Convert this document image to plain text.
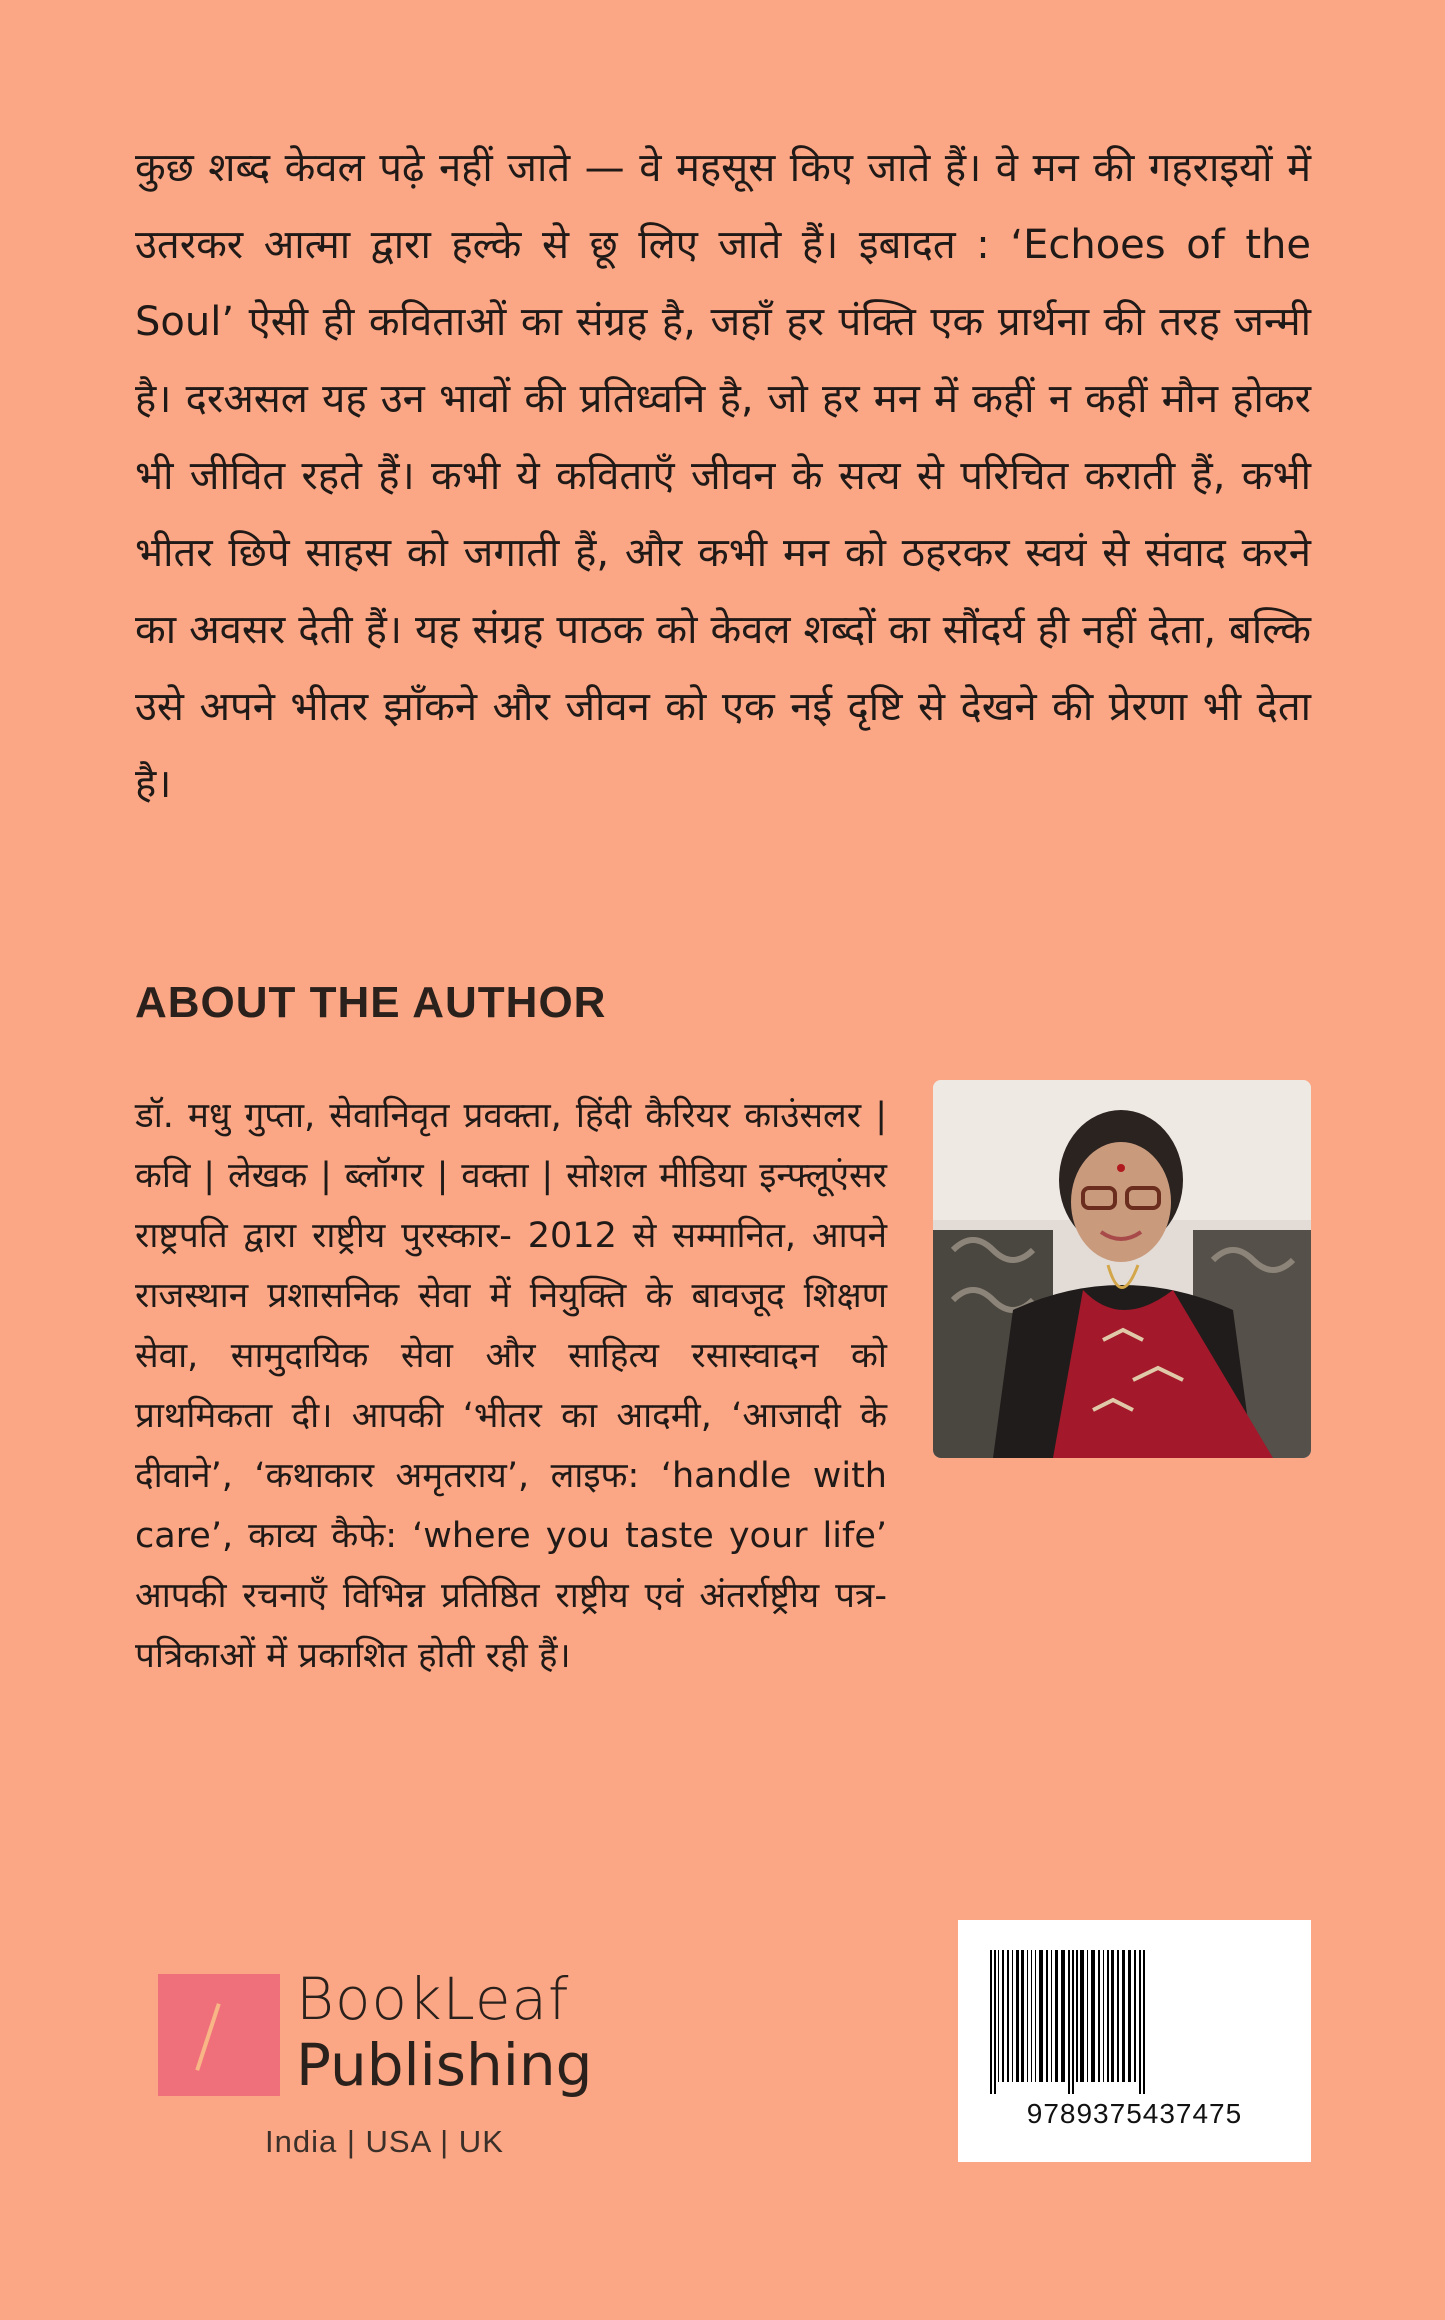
कुछ शब्द केवल पढ़े नहीं जाते — वे महसूस किए जाते हैं। वे मन की गहराइयों में उतरकर आत्मा द्वारा हल्के से छू लिए जाते हैं। इबादत : ‘Echoes of the Soul’ ऐसी ही कविताओं का संग्रह है, जहाँ हर पंक्ति एक प्रार्थना की तरह जन्मी है। दरअसल यह उन भावों की प्रतिध्वनि है, जो हर मन में कहीं न कहीं मौन होकर भी जीवित रहते हैं। कभी ये कविताएँ जीवन के सत्य से परिचित कराती हैं, कभी भीतर छिपे साहस को जगाती हैं, और कभी मन को ठहरकर स्वयं से संवाद करने का अवसर देती हैं। यह संग्रह पाठक को केवल शब्दों का सौंदर्य ही नहीं देता, बल्कि उसे अपने भीतर झाँकने और जीवन को एक नई दृष्टि से देखने की प्रेरणा भी देता है।

ABOUT THE AUTHOR

डॉ. मधु गुप्ता, सेवानिवृत प्रवक्ता, हिंदी कैरियर काउंसलर | कवि | लेखक | ब्लॉगर | वक्ता | सोशल मीडिया इन्फ्लूएंसर राष्ट्रपति द्वारा राष्ट्रीय पुरस्कार- 2012 से सम्मानित, आपने राजस्थान प्रशासनिक सेवा में नियुक्ति के बावजूद शिक्षण सेवा, सामुदायिक सेवा और साहित्य रसास्वादन को प्राथमिकता दी। आपकी ‘भीतर का आदमी, ‘आजादी के दीवाने’, ‘कथाकार अमृतराय’, लाइफ: ‘handle with care’, काव्य कैफे: ‘where you taste your life’ आपकी रचनाएँ विभिन्न प्रतिष्ठित राष्ट्रीय एवं अंतर्राष्ट्रीय पत्र- पत्रिकाओं में प्रकाशित होती रही हैं।

BookLeaf
Publishing
India | USA | UK
9789375437475
